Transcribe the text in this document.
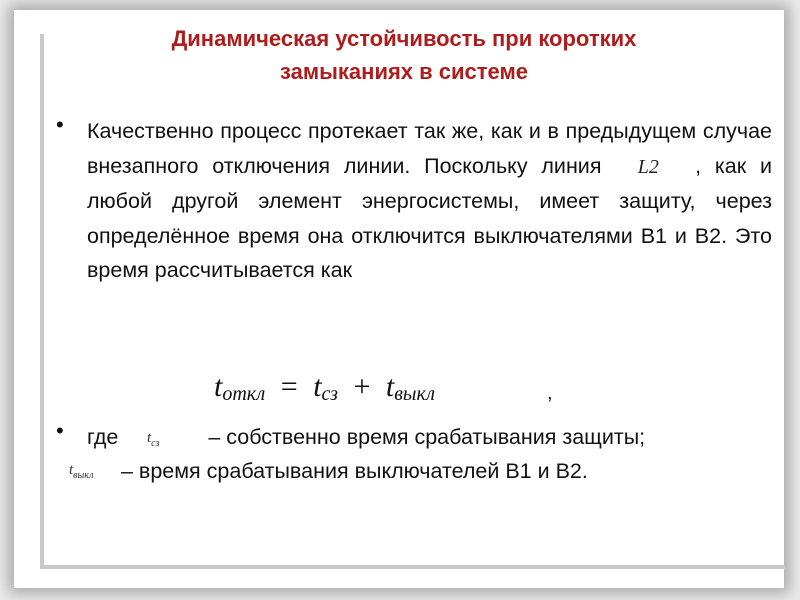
Динамическая устойчивость при коротких
замыканиях в системе
• Качественно процесс протекает так же, как и в предыдущем случае внезапного отключения линии. Поскольку линия L2 , как и любой другой элемент энергосистемы, имеет защиту, через определённое время она отключится выключателями В1 и В2. Это время рассчитывается как
$t_{откл} = t_{сз} + t_{выкл}$	,
• где	– собственно время срабатывания защиты;
$t_{сз}$
$t_{выкл}$ – время срабатывания выключателей В1 и В2.
